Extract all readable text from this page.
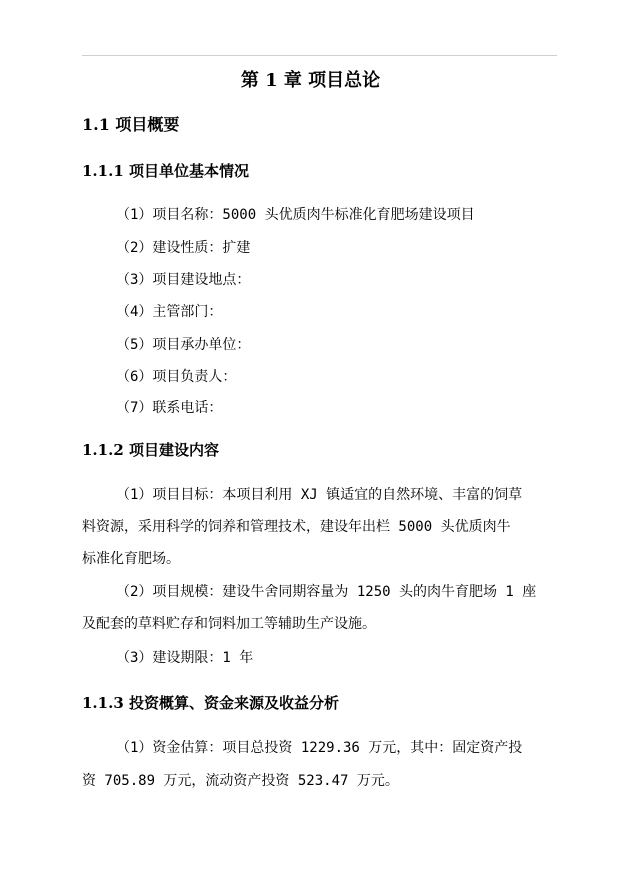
第 1 章 项目总论
1.1 项目概要
1.1.1 项目单位基本情况
（1）项目名称：5000 头优质肉牛标准化育肥场建设项目
（2）建设性质：扩建
（3）项目建设地点：
（4）主管部门：
（5）项目承办单位：
（6）项目负责人：
（7）联系电话：
1.1.2 项目建设内容
（1）项目目标：本项目利用 XJ 镇适宜的自然环境、丰富的饲草
料资源，采用科学的饲养和管理技术，建设年出栏 5000 头优质肉牛
标准化育肥场。
（2）项目规模：建设牛舍同期容量为 1250 头的肉牛育肥场 1 座
及配套的草料贮存和饲料加工等辅助生产设施。
（3）建设期限：1 年
1.1.3 投资概算、资金来源及收益分析
（1）资金估算：项目总投资 1229.36 万元，其中：固定资产投
资 705.89 万元，流动资产投资 523.47 万元。
